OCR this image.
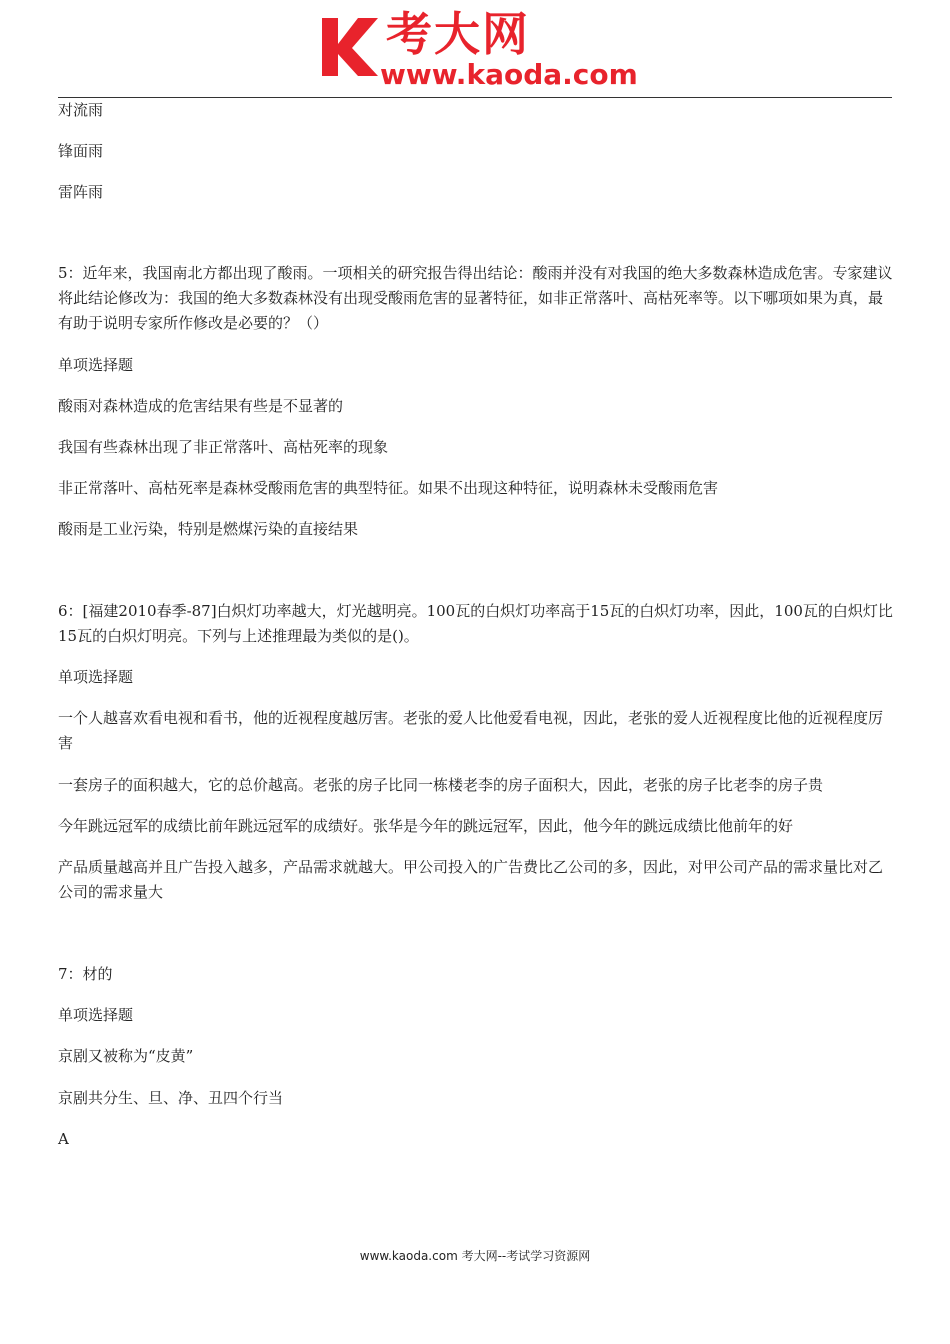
考大网
www.kaoda.com

对流雨

锋面雨

雷阵雨

5：近年来，我国南北方都出现了酸雨。一项相关的研究报告得出结论：酸雨并没有对我国的绝大多数森林造成危害。专家建议将此结论修改为：我国的绝大多数森林没有出现受酸雨危害的显著特征，如非正常落叶、高枯死率等。以下哪项如果为真，最有助于说明专家所作修改是必要的？（）

单项选择题

酸雨对森林造成的危害结果有些是不显著的

我国有些森林出现了非正常落叶、高枯死率的现象

非正常落叶、高枯死率是森林受酸雨危害的典型特征。如果不出现这种特征，说明森林未受酸雨危害

酸雨是工业污染，特别是燃煤污染的直接结果

6：[福建2010春季-87]白炽灯功率越大，灯光越明亮。100瓦的白炽灯功率高于15瓦的白炽灯功率，因此，100瓦的白炽灯比15瓦的白炽灯明亮。下列与上述推理最为类似的是()。

单项选择题

一个人越喜欢看电视和看书，他的近视程度越厉害。老张的爱人比他爱看电视，因此，老张的爱人近视程度比他的近视程度厉害

一套房子的面积越大，它的总价越高。老张的房子比同一栋楼老李的房子面积大，因此，老张的房子比老李的房子贵

今年跳远冠军的成绩比前年跳远冠军的成绩好。张华是今年的跳远冠军，因此，他今年的跳远成绩比他前年的好

产品质量越高并且广告投入越多，产品需求就越大。甲公司投入的广告费比乙公司的多，因此，对甲公司产品的需求量比对乙公司的需求量大

7：材的

单项选择题

京剧又被称为“皮黄”

京剧共分生、旦、净、丑四个行当

A

www.kaoda.com 考大网--考试学习资源网
